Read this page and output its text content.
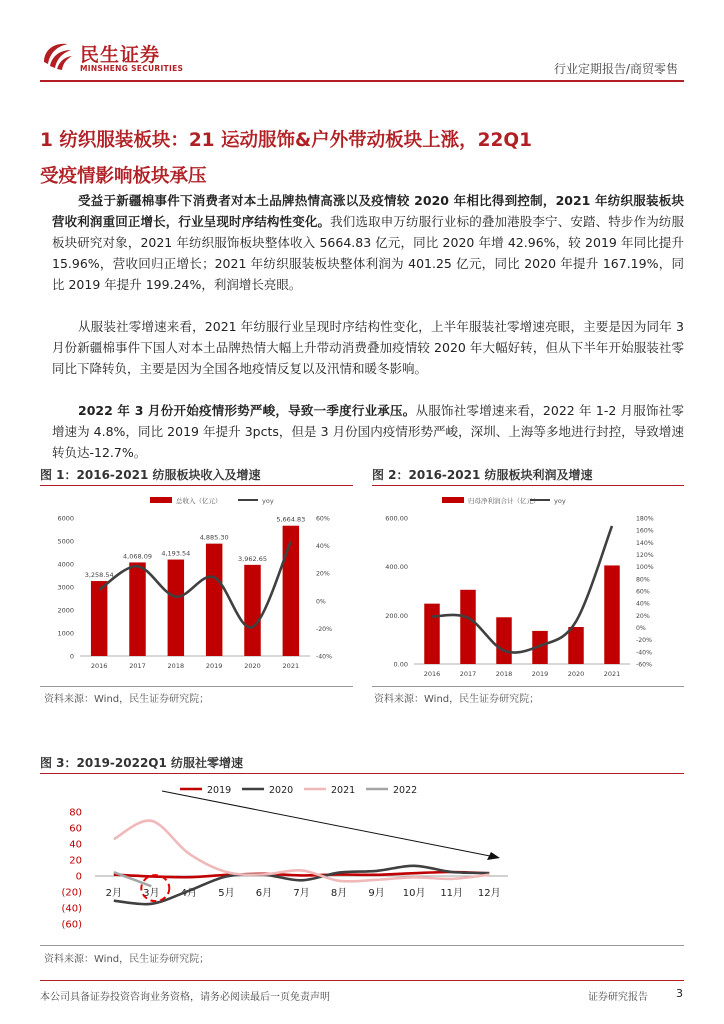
民生证券
MINSHENG SECURITIES	行业定期报告/商贸零售
1 纺织服装板块：21 运动服饰&户外带动板块上涨，22Q1
受疫情影响板块承压
受益于新疆棉事件下消费者对本土品牌热情高涨以及疫情较 2020 年相比得到控制，2021 年纺织服装板块营收利润重回正增长，行业呈现时序结构性变化。我们选取申万纺服行业标的叠加港股李宁、安踏、特步作为纺服板块研究对象，2021 年纺织服饰板块整体收入 5664.83 亿元，同比 2020 年增 42.96%，较 2019 年同比提升 15.96%，营收回归正增长；2021 年纺织服装板块整体利润为 401.25 亿元，同比 2020 年提升 167.19%，同比 2019 年提升 199.24%，利润增长亮眼。
从服装社零增速来看，2021 年纺服行业呈现时序结构性变化，上半年服装社零增速亮眼，主要是因为同年 3 月份新疆棉事件下国人对本土品牌热情大幅上升带动消费叠加疫情较 2020 年大幅好转，但从下半年开始服装社零同比下降转负，主要是因为全国各地疫情反复以及汛情和暖冬影响。
2022 年 3 月份开始疫情形势严峻，导致一季度行业承压。从服饰社零增速来看，2022 年 1-2 月服饰社零增速为 4.8%，同比 2019 年提升 3pcts，但是 3 月份国内疫情形势严峻，深圳、上海等多地进行封控，导致增速转负达-12.7%。
图 1：2016-2021 纺服板块收入及增速
总收入（亿元）	yoy
0
1000
2000
3000
4000
5000
6000
-40%
-20%
0%
20%
40%
60%
3,258.54
2016
4,068.09
2017
4,193.54
2018
4,885.30
2019
3,962.65
2020
5,664.83
2021
资料来源：Wind，民生证券研究院；
图 2：2016-2021 纺服板块利润及增速
归母净利润合计（亿元） yoy
0.00
200.00
400.00
600.00
-60%
-40%
-20%
0%
20%
40%
60%
80%
100%
120%
140%
160%
180%
2016	2017	2018	2019	2020	2021
资料来源：Wind，民生证券研究院；
图 3：2019-2022Q1 纺服社零增速
2019	2020	2021	2022
(60)
(40)
(20)
0
20
40
60
80
2月 3月 4月 5月 6月 7月 8月 9月 10月 11月 12月
资料来源：Wind，民生证券研究院；
本公司具备证券投资咨询业务资格，请务必阅读最后一页免责声明	证券研究报告	3
